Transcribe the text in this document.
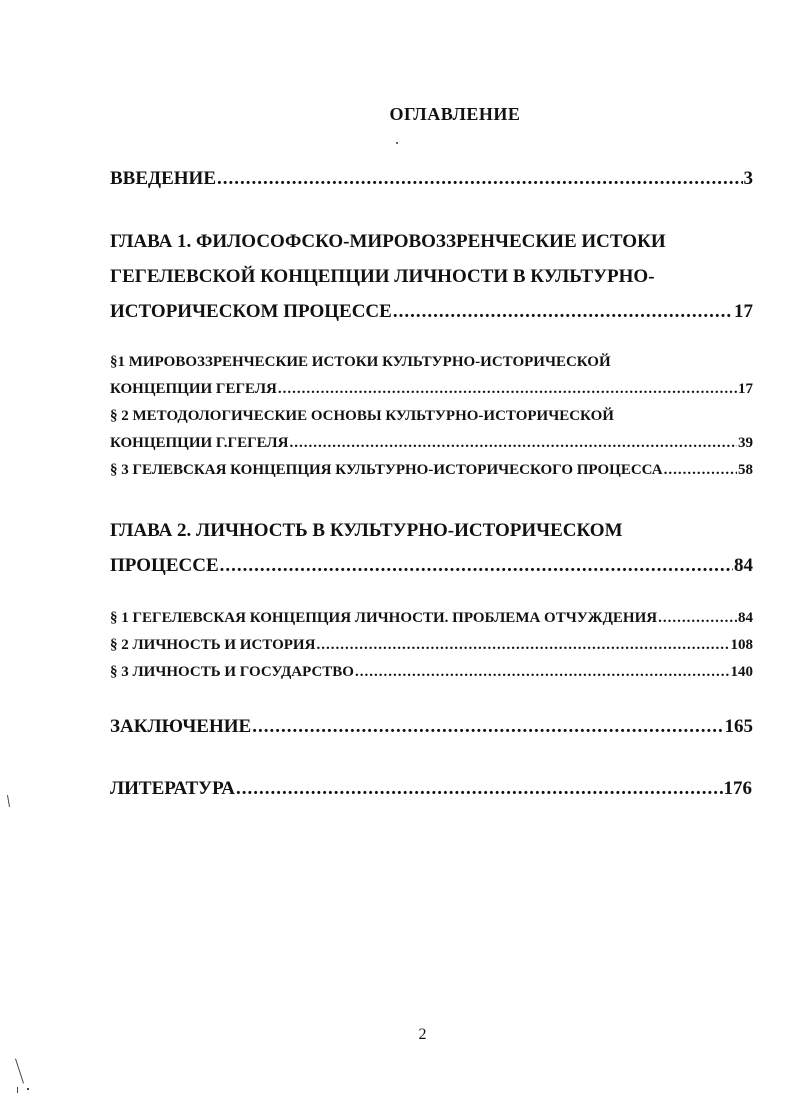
ОГЛАВЛЕНИЕ
ВВЕДЕНИЕ .....	3
ГЛАВА 1. ФИЛОСОФСКО-МИРОВОЗЗРЕНЧЕСКИЕ ИСТОКИ
ГЕГЕЛЕВСКОЙ КОНЦЕПЦИИ ЛИЧНОСТИ В КУЛЬТУРНО-
ИСТОРИЧЕСКОМ ПРОЦЕССЕ .....	17
§1 МИРОВОЗЗРЕНЧЕСКИЕ ИСТОКИ КУЛЬТУРНО-ИСТОРИЧЕСКОЙ
КОНЦЕПЦИИ ГЕГЕЛЯ .....	17
§ 2 МЕТОДОЛОГИЧЕСКИЕ ОСНОВЫ КУЛЬТУРНО-ИСТОРИЧЕСКОЙ
КОНЦЕПЦИИ Г.ГЕГЕЛЯ .....	39
§ 3 ГЕЛЕВСКАЯ КОНЦЕПЦИЯ КУЛЬТУРНО-ИСТОРИЧЕСКОГО ПРОЦЕССА .....	58
ГЛАВА 2. ЛИЧНОСТЬ В КУЛЬТУРНО-ИСТОРИЧЕСКОМ
ПРОЦЕССЕ .....	84
§ 1 ГЕГЕЛЕВСКАЯ КОНЦЕПЦИЯ ЛИЧНОСТИ. ПРОБЛЕМА ОТЧУЖДЕНИЯ .....	84
§ 2 ЛИЧНОСТЬ И ИСТОРИЯ .....	108
§ 3 ЛИЧНОСТЬ И ГОСУДАРСТВО .....	140
ЗАКЛЮЧЕНИЕ .....	165
ЛИТЕРАТУРА .....	176
2
